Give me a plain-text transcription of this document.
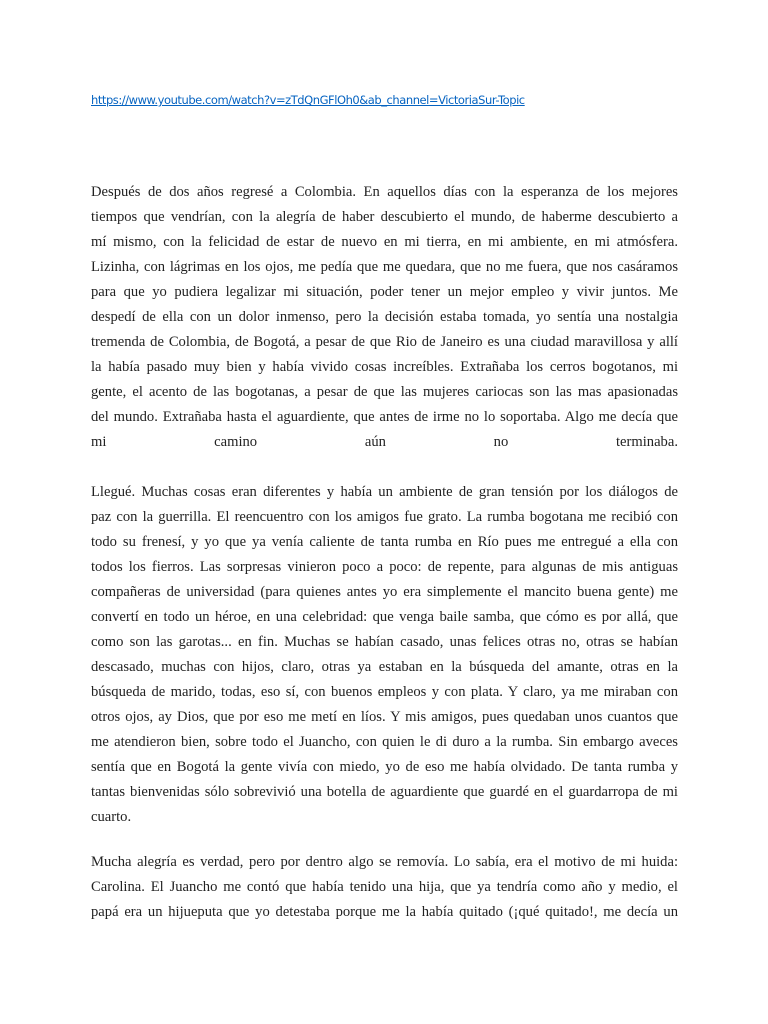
https://www.youtube.com/watch?v=zTdQnGFlOh0&ab_channel=VictoriaSur-Topic
Después de dos años regresé a Colombia. En aquellos días con la esperanza de los mejores
tiempos que vendrían, con la alegría de haber descubierto el mundo, de haberme descubierto a
mí mismo, con la felicidad de estar de nuevo en mi tierra, en mi ambiente, en mi atmósfera.
Lizinha, con lágrimas en los ojos, me pedía que me quedara, que no me fuera, que nos casáramos
para que yo pudiera legalizar mi situación, poder tener un mejor empleo y vivir juntos. Me
despedí de ella con un dolor inmenso, pero la decisión estaba tomada, yo sentía una nostalgia
tremenda de Colombia, de Bogotá, a pesar de que Rio de Janeiro es una ciudad maravillosa y allí
la había pasado muy bien y había vivido cosas increíbles. Extrañaba los cerros bogotanos, mi
gente, el acento de las bogotanas, a pesar de que las mujeres cariocas son las mas apasionadas
del mundo. Extrañaba hasta el aguardiente, que antes de irme no lo soportaba. Algo me decía que
mi	camino	aún	no	terminaba.
Llegué. Muchas cosas eran diferentes y había un ambiente de gran tensión por los diálogos de
paz con la guerrilla. El reencuentro con los amigos fue grato. La rumba bogotana me recibió con
todo su frenesí, y yo que ya venía caliente de tanta rumba en Río pues me entregué a ella con
todos los fierros. Las sorpresas vinieron poco a poco: de repente, para algunas de mis antiguas
compañeras de universidad (para quienes antes yo era simplemente el mancito buena gente) me
convertí en todo un héroe, en una celebridad: que venga baile samba, que cómo es por allá, que
como son las garotas... en fin. Muchas se habían casado, unas felices otras no, otras se habían
descasado, muchas con hijos, claro, otras ya estaban en la búsqueda del amante, otras en la
búsqueda de marido, todas, eso sí, con buenos empleos y con plata. Y claro, ya me miraban con
otros ojos, ay Dios, que por eso me metí en líos. Y mis amigos, pues quedaban unos cuantos que
me atendieron bien, sobre todo el Juancho, con quien le di duro a la rumba. Sin embargo aveces
sentía que en Bogotá la gente vivía con miedo, yo de eso me había olvidado. De tanta rumba y
tantas bienvenidas sólo sobrevivió una botella de aguardiente que guardé en el guardarropa de mi
cuarto.
Mucha alegría es verdad, pero por dentro algo se removía. Lo sabía, era el motivo de mi huida:
Carolina. El Juancho me contó que había tenido una hija, que ya tendría como año y medio, el
papá era un hijueputa que yo detestaba porque me la había quitado (¡qué quitado!, me decía un
